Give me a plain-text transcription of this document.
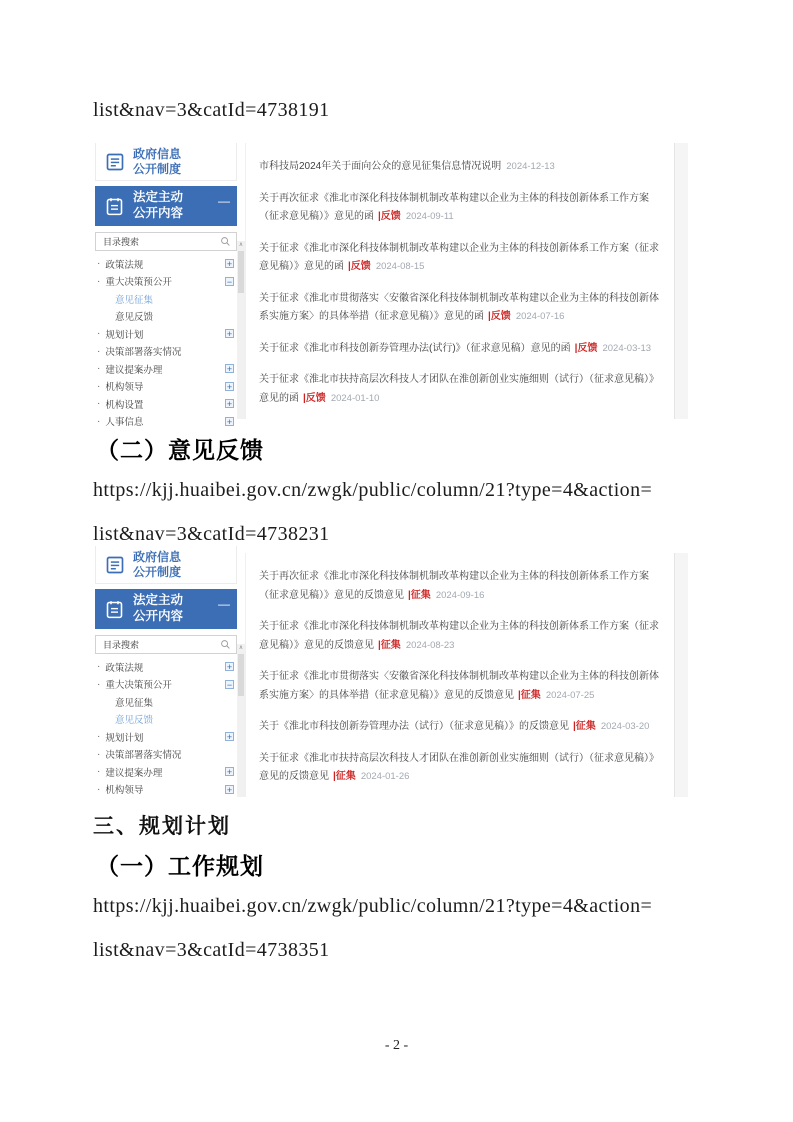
list&nav=3&catId=4738191

政府信息
公开制度
法定主动
公开内容
—
目录搜索
· 政策法规	+
· 重大决策预公开	−
意见征集
意见反馈
· 规划计划	+
· 决策部署落实情况
· 建议提案办理	+
· 机构领导	+
· 机构设置	+
· 人事信息	+
∧
市科技局2024年关于面向公众的意见征集信息情况说明 2024-12-13
关于再次征求《淮北市深化科技体制机制改革构建以企业为主体的科技创新体系工作方案（征求意见稿）》意见的函 |反馈 2024-09-11
关于征求《淮北市深化科技体制机制改革构建以企业为主体的科技创新体系工作方案（征求意见稿）》意见的函 |反馈 2024-08-15
关于征求《淮北市贯彻落实〈安徽省深化科技体制机制改革构建以企业为主体的科技创新体系实施方案〉的具体举措（征求意见稿）》意见的函 |反馈 2024-07-16
关于征求《淮北市科技创新券管理办法(试行)》（征求意见稿）意见的函 |反馈 2024-03-13
关于征求《淮北市扶持高层次科技人才团队在淮创新创业实施细则（试行）（征求意见稿）》意见的函 |反馈 2024-01-10
（二）意见反馈

https://kjj.huaibei.gov.cn/zwgk/public/column/21?type=4&action=

list&nav=3&catId=4738231

政府信息
公开制度
法定主动
公开内容
—
目录搜索
· 政策法规	+
· 重大决策预公开	−
意见征集
意见反馈
· 规划计划	+
· 决策部署落实情况
· 建议提案办理	+
· 机构领导	+
∧
关于再次征求《淮北市深化科技体制机制改革构建以企业为主体的科技创新体系工作方案（征求意见稿）》意见的反馈意见 |征集 2024-09-16
关于征求《淮北市深化科技体制机制改革构建以企业为主体的科技创新体系工作方案（征求意见稿）》意见的反馈意见 |征集 2024-08-23
关于征求《淮北市贯彻落实〈安徽省深化科技体制机制改革构建以企业为主体的科技创新体系实施方案〉的具体举措（征求意见稿）》意见的反馈意见 |征集 2024-07-25
关于《淮北市科技创新券管理办法（试行）（征求意见稿）》的反馈意见 |征集 2024-03-20
关于征求《淮北市扶持高层次科技人才团队在淮创新创业实施细则（试行）（征求意见稿）》意见的反馈意见 |征集 2024-01-26
三、规划计划
（一）工作规划

https://kjj.huaibei.gov.cn/zwgk/public/column/21?type=4&action=

list&nav=3&catId=4738351

- 2 -
